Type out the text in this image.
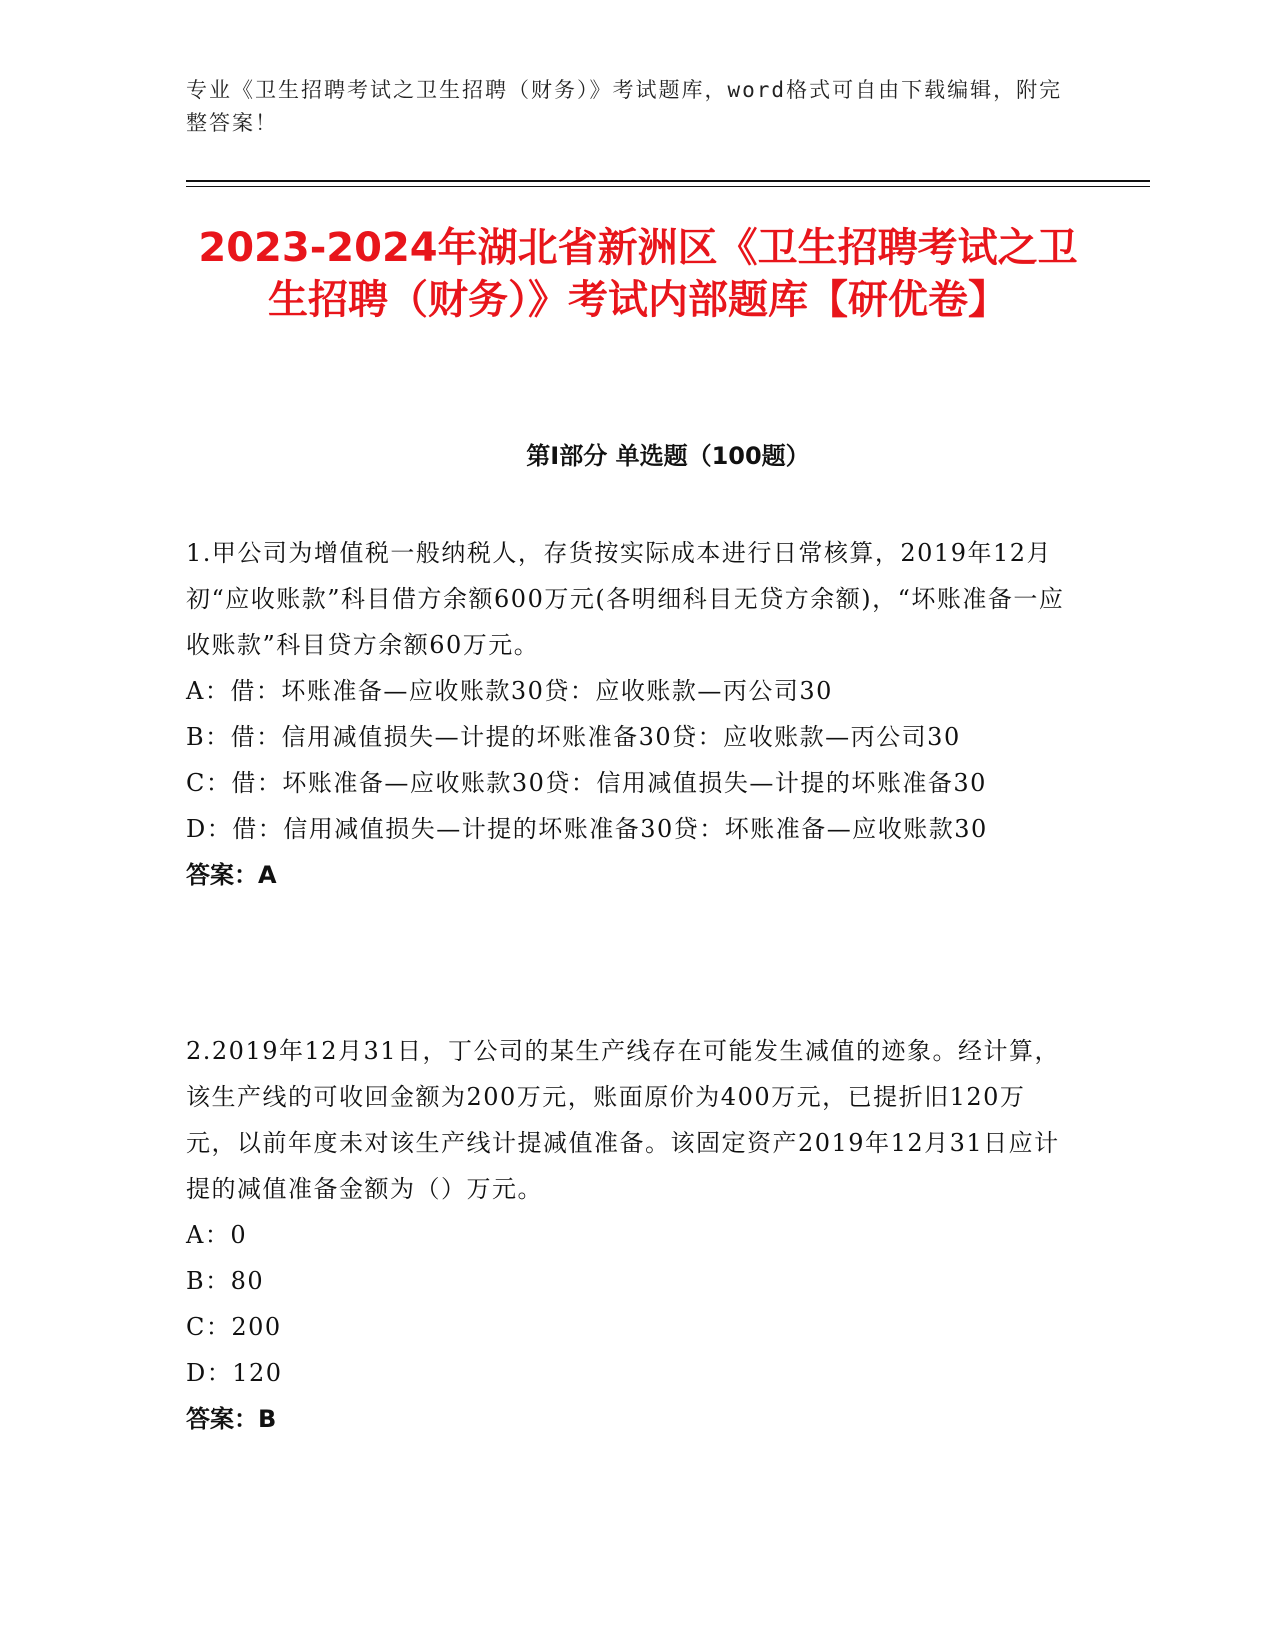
专业《卫生招聘考试之卫生招聘（财务）》考试题库，word格式可自由下载编辑，附完整答案！
2023-2024年湖北省新洲区《卫生招聘考试之卫生招聘（财务）》考试内部题库【研优卷】
第I部分 单选题（100题）
1.甲公司为增值税一般纳税人，存货按实际成本进行日常核算，2019年12月初“应收账款”科目借方余额600万元(各明细科目无贷方余额)，“坏账准备一应收账款”科目贷方余额60万元。
A：借：坏账准备—应收账款30贷：应收账款—丙公司30
B：借：信用减值损失—计提的坏账准备30贷：应收账款—丙公司30
C：借：坏账准备—应收账款30贷：信用减值损失—计提的坏账准备30
D：借：信用减值损失—计提的坏账准备30贷：坏账准备—应收账款30
答案：A
2.2019年12月31日，丁公司的某生产线存在可能发生减值的迹象。经计算，该生产线的可收回金额为200万元，账面原价为400万元，已提折旧120万元，以前年度未对该生产线计提减值准备。该固定资产2019年12月31日应计提的减值准备金额为（）万元。
A：0
B：80
C：200
D：120
答案：B
